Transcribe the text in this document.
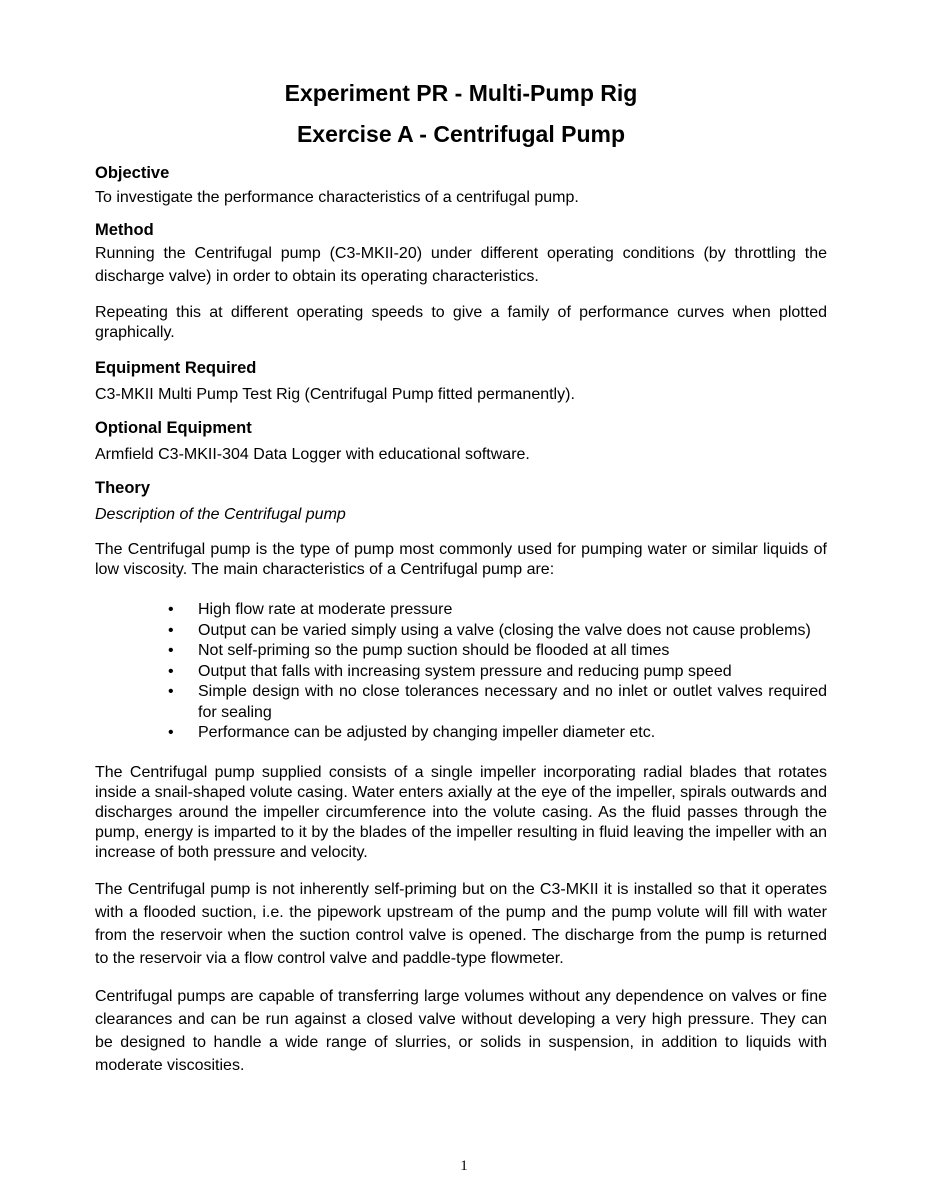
Experiment PR - Multi-Pump Rig
Exercise A - Centrifugal Pump
Objective

To investigate the performance characteristics of a centrifugal pump.

Method

Running the Centrifugal pump (C3-MKII-20) under different operating conditions (by throttling the discharge valve) in order to obtain its operating characteristics.

Repeating this at different operating speeds to give a family of performance curves when plotted graphically.

Equipment Required

C3-MKII Multi Pump Test Rig (Centrifugal Pump fitted permanently).

Optional Equipment

Armfield C3-MKII-304 Data Logger with educational software.

Theory

Description of the Centrifugal pump

The Centrifugal pump is the type of pump most commonly used for pumping water or similar liquids of low viscosity. The main characteristics of a Centrifugal pump are:

• High flow rate at moderate pressure
• Output can be varied simply using a valve (closing the valve does not cause problems)
• Not self-priming so the pump suction should be flooded at all times
• Output that falls with increasing system pressure and reducing pump speed
• Simple design with no close tolerances necessary and no inlet or outlet valves required for sealing
• Performance can be adjusted by changing impeller diameter etc.

The Centrifugal pump supplied consists of a single impeller incorporating radial blades that rotates inside a snail-shaped volute casing. Water enters axially at the eye of the impeller, spirals outwards and discharges around the impeller circumference into the volute casing. As the fluid passes through the pump, energy is imparted to it by the blades of the impeller resulting in fluid leaving the impeller with an increase of both pressure and velocity.

The Centrifugal pump is not inherently self-priming but on the C3-MKII it is installed so that it operates with a flooded suction, i.e. the pipework upstream of the pump and the pump volute will fill with water from the reservoir when the suction control valve is opened. The discharge from the pump is returned to the reservoir via a flow control valve and paddle-type flowmeter.

Centrifugal pumps are capable of transferring large volumes without any dependence on valves or fine clearances and can be run against a closed valve without developing a very high pressure. They can be designed to handle a wide range of slurries, or solids in suspension, in addition to liquids with moderate viscosities.

1
